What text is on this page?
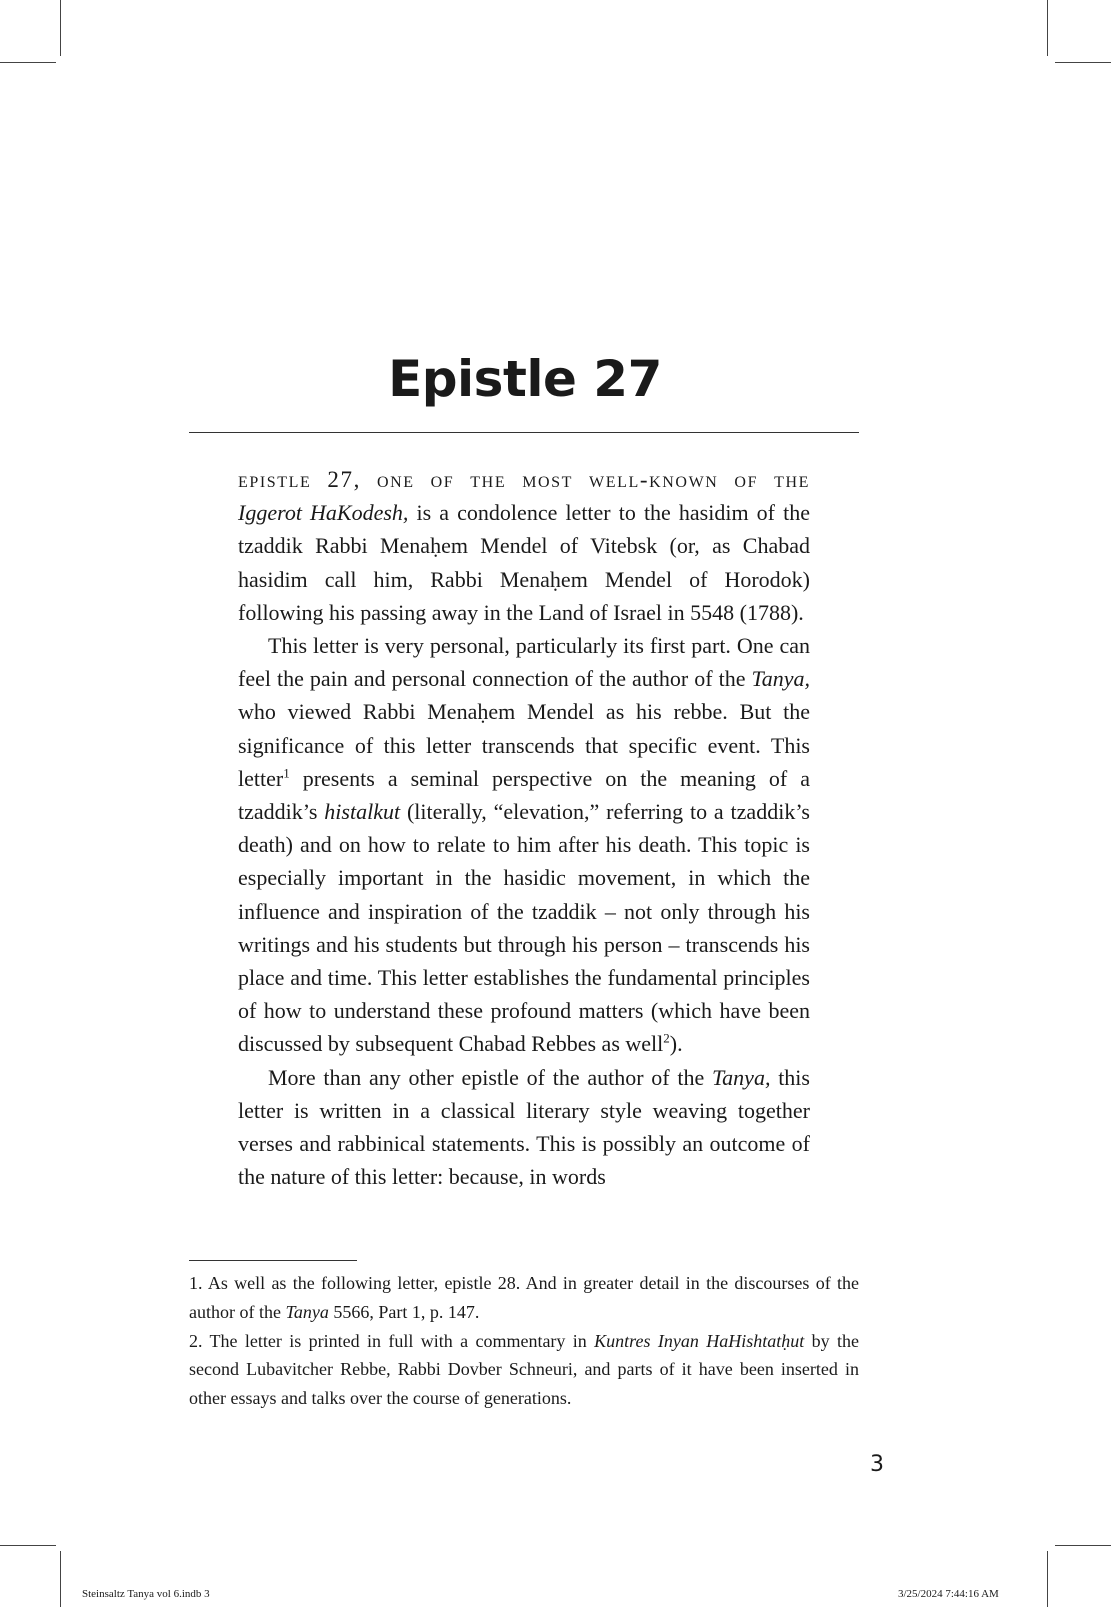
Epistle 27

epistle 27, one of the most well-known of the Iggerot HaKodesh, is a condolence letter to the hasidim of the tzaddik Rabbi Menaḥem Mendel of Vitebsk (or, as Chabad hasidim call him, Rabbi Menaḥem Mendel of Horodok) following his passing away in the Land of Israel in 5548 (1788).

This letter is very personal, particularly its first part. One can feel the pain and personal connection of the author of the Tanya, who viewed Rabbi Menaḥem Mendel as his rebbe. But the significance of this letter transcends that specific event. This letter$^1$ presents a seminal perspective on the meaning of a tzaddik’s histalkut (literally, “elevation,” referring to a tzaddik’s death) and on how to relate to him after his death. This topic is especially important in the hasidic movement, in which the influence and inspiration of the tzaddik – not only through his writings and his students but through his person – transcends his place and time. This letter establishes the fundamental principles of how to understand these profound matters (which have been discussed by subsequent Chabad Rebbes as well$^2$).

More than any other epistle of the author of the Tanya, this letter is written in a classical literary style weaving together verses and rabbinical statements. This is possibly an outcome of the nature of this letter: because, in words

1. As well as the following letter, epistle 28. And in greater detail in the discourses of the author of the Tanya 5566, Part 1, p. 147.

2. The letter is printed in full with a commentary in Kuntres Inyan HaHishtatḥut by the second Lubavitcher Rebbe, Rabbi Dovber Schneuri, and parts of it have been inserted in other essays and talks over the course of generations.

3
Steinsaltz Tanya vol 6.indb 3	3/25/2024 7:44:16 AM
